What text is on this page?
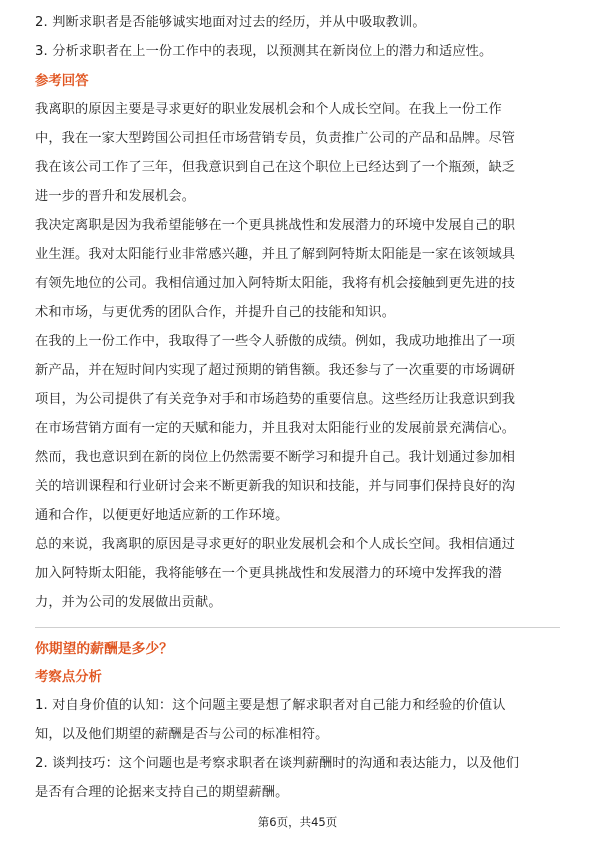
2. 判断求职者是否能够诚实地面对过去的经历，并从中吸取教训。
3. 分析求职者在上一份工作中的表现，以预测其在新岗位上的潜力和适应性。
参考回答
我离职的原因主要是寻求更好的职业发展机会和个人成长空间。在我上一份工作
中，我在一家大型跨国公司担任市场营销专员，负责推广公司的产品和品牌。尽管
我在该公司工作了三年，但我意识到自己在这个职位上已经达到了一个瓶颈，缺乏
进一步的晋升和发展机会。
我决定离职是因为我希望能够在一个更具挑战性和发展潜力的环境中发展自己的职
业生涯。我对太阳能行业非常感兴趣，并且了解到阿特斯太阳能是一家在该领域具
有领先地位的公司。我相信通过加入阿特斯太阳能，我将有机会接触到更先进的技
术和市场，与更优秀的团队合作，并提升自己的技能和知识。
在我的上一份工作中，我取得了一些令人骄傲的成绩。例如，我成功地推出了一项
新产品，并在短时间内实现了超过预期的销售额。我还参与了一次重要的市场调研
项目，为公司提供了有关竞争对手和市场趋势的重要信息。这些经历让我意识到我
在市场营销方面有一定的天赋和能力，并且我对太阳能行业的发展前景充满信心。
然而，我也意识到在新的岗位上仍然需要不断学习和提升自己。我计划通过参加相
关的培训课程和行业研讨会来不断更新我的知识和技能，并与同事们保持良好的沟
通和合作，以便更好地适应新的工作环境。
总的来说，我离职的原因是寻求更好的职业发展机会和个人成长空间。我相信通过
加入阿特斯太阳能，我将能够在一个更具挑战性和发展潜力的环境中发挥我的潜
力，并为公司的发展做出贡献。
你期望的薪酬是多少？
考察点分析
1. 对自身价值的认知：这个问题主要是想了解求职者对自己能力和经验的价值认
知，以及他们期望的薪酬是否与公司的标准相符。
2. 谈判技巧：这个问题也是考察求职者在谈判薪酬时的沟通和表达能力，以及他们
是否有合理的论据来支持自己的期望薪酬。
第6页，共45页
